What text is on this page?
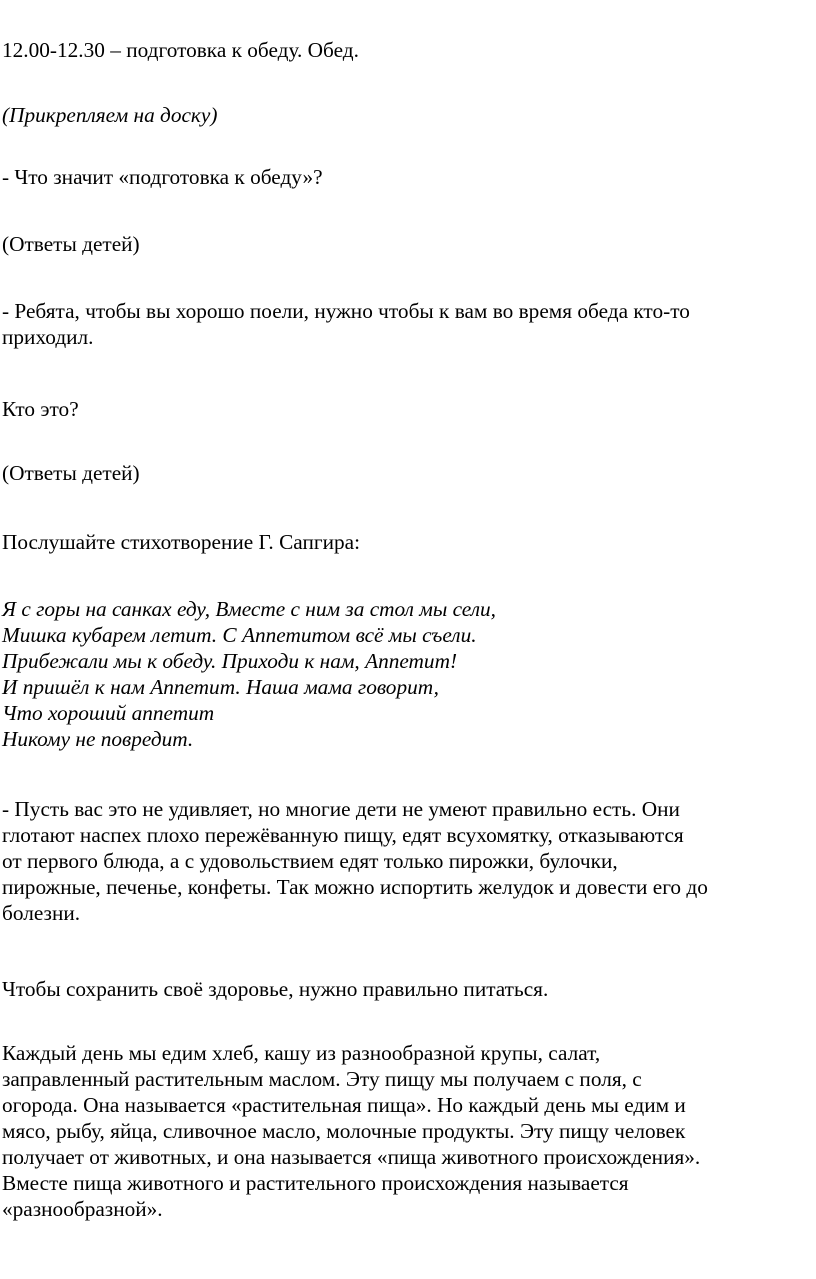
12.00-12.30 – подготовка к обеду. Обед.

(Прикрепляем на доску)

- Что значит «подготовка к обеду»?

(Ответы детей)

- Ребята, чтобы вы хорошо поели, нужно чтобы к вам во время обеда кто-то
приходил.

Кто это?

(Ответы детей)

Послушайте стихотворение Г. Сапгира:

Я с горы на санках еду, Вместе с ним за стол мы сели,
Мишка кубарем летит. С Аппетитом всё мы съели.
Прибежали мы к обеду. Приходи к нам, Аппетит!
И пришёл к нам Аппетит. Наша мама говорит,
Что хороший аппетит
Никому не повредит.

- Пусть вас это не удивляет, но многие дети не умеют правильно есть. Они
глотают наспех плохо пережёванную пищу, едят всухомятку, отказываются
от первого блюда, а с удовольствием едят только пирожки, булочки,
пирожные, печенье, конфеты. Так можно испортить желудок и довести его до
болезни.

Чтобы сохранить своё здоровье, нужно правильно питаться.

Каждый день мы едим хлеб, кашу из разнообразной крупы, салат,
заправленный растительным маслом. Эту пищу мы получаем с поля, с
огорода. Она называется «растительная пища». Но каждый день мы едим и
мясо, рыбу, яйца, сливочное масло, молочные продукты. Эту пищу человек
получает от животных, и она называется «пища животного происхождения».
Вместе пища животного и растительного происхождения называется
«разнообразной».
